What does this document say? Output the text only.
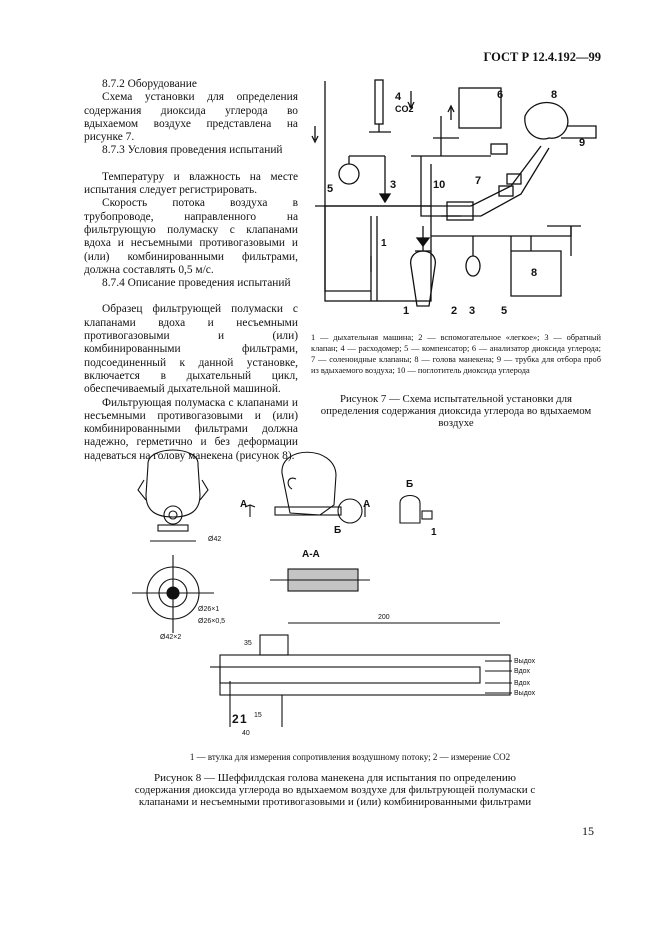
ГОСТ Р 12.4.192—99

8.7.2 Оборудование

Схема установки для определения содержания диоксида углерода во вдыхаемом воздухе представлена на рисунке 7.

8.7.3 Условия проведения испытаний

Температуру и влажность на месте испытания следует регистрировать.

Скорость потока воздуха в трубопроводе, направленного на фильтрующую полумаску с клапанами вдоха и несъемными противогазовыми и (или) комбинированными фильтрами, должна составлять 0,5 м/с.

8.7.4 Описание проведения испытаний

Образец фильтрующей полумаски с клапанами вдоха и несъемными противогазовыми и (или) комбинированными фильтрами, подсоединенный к данной установке, включается в дыхательный цикл, обеспечиваемый дыхательной машиной.

Фильтрующая полумаска с клапанами и несъемными противогазовыми и (или) комбинированными фильтрами должна надежно, герметично и без деформации надеваться на голову манекена (рисунок 8).

1
1	2
3
3
4
5
5
6
7
8
9
10
8
CO2
1 — дыхательная машина; 2 — вспомогательное «легкое»; 3 — обратный клапан; 4 — расходомер; 5 — компенсатор; 6 — анализатор диоксида углерода; 7 — соленоидные клапаны; 8 — голова манекена; 9 — трубка для отбора проб из вдыхаемого воздуха; 10 — поглотитель диоксида углерода
Рисунок 7 — Схема испытательной установки для определения содержания диоксида углерода во вдыхаемом воздухе
А	А
Б
Б
А-А
1
2 1
Ø42
Ø26×1
Ø26×0,5
Ø42×2
200
35
15
40
Выдох
Вдох
Вдох
Выдох
1 — втулка для измерения сопротивления воздушному потоку; 2 — измерение CO2
Рисунок 8 — Шеффилдская голова манекена для испытания по определению содержания диоксида углерода во вдыхаемом воздухе для фильтрующей полумаски с клапанами и несъемными противогазовыми и (или) комбинированными фильтрами
15
